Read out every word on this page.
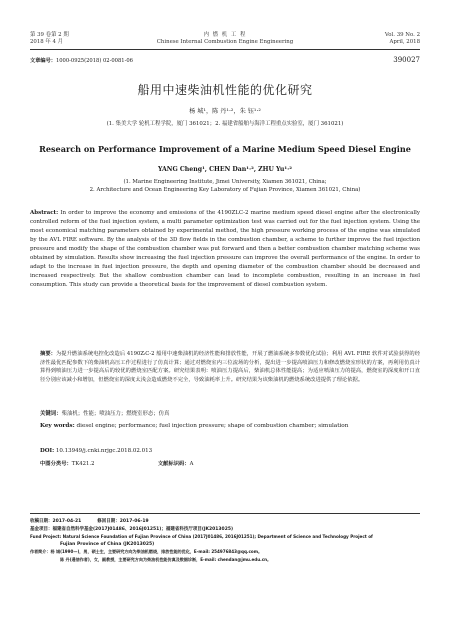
第 39 卷第 2 期
2018 年 4 月
内 燃 机 工 程
Chinese Internal Combustion Engine Engineering
Vol. 39 No. 2
April, 2018
文章编号：1000-0925(2018) 02-0081-06	390027
船用中速柴油机性能的优化研究
杨 城¹，陈 丹¹·²，朱 钰¹·²
(1. 集美大学 轮机工程学院，厦门 361021；2. 福建省船舶与海洋工程重点实验室，厦门 361021)
Research on Performance Improvement of a Marine Medium Speed Diesel Engine
YANG Cheng¹, CHEN Dan¹·², ZHU Yu¹·²
(1. Marine Engineering Institute, Jimei University, Xiamen 361021, China;
2. Architecture and Ocean Engineering Key Laboratory of Fujian Province, Xiamen 361021, China)
Abstract: In order to improve the economy and emissions of the 4190ZLC-2 marine medium speed diesel engine after the electronically controlled reform of the fuel injection system, a multi parameter optimization test was carried out for the fuel injection system. Using the most economical matching parameters obtained by experimental method, the high pressure working process of the engine was simulated by the AVL FIRE software. By the analysis of the 3D flow fields in the combustion chamber, a scheme to further improve the fuel injection pressure and modify the shape of the combustion chamber was put forward and then a better combustion chamber matching scheme was obtained by simulation. Results show increasing the fuel injection pressure can improve the overall performance of the engine. In order to adapt to the increase in fuel injection pressure, the depth and opening diameter of the combustion chamber should be decreased and increased respectively. But the shallow combustion chamber can lead to incomplete combustion, resulting in an increase in fuel consumption. This study can provide a theoretical basis for the improvement of diesel combustion system.
摘要：为提升燃油系统电控化改造后 4190ZₗC-2 船用中速柴油机的经济性能和排放性能，开展了燃油系统多参数优化试验；利用 AVL FIRE 软件对试验获得的经济性最优匹配参数下的柴油机高压工作过程进行了仿真计算；通过对燃烧室内三位流场的分析，提出进一步提高喷油压力和修改燃烧室形状的方案，再利用仿真计算得到喷油压力进一步提高后的较优的燃烧室匹配方案。研究结果表明：喷油压力提高后，柴油机总体性能提高；为适应喷油压力的提高，燃烧室的深度和开口直径分别应该减小和增加，但燃烧室的深度太浅会造成燃烧不完全，导致油耗率上升。研究结果为该柴油机的燃烧系统改进提供了理论依据。
关键词：柴油机；性能；喷油压力；燃烧室形态；仿真
Key words: diesel engine; performance; fuel injection pressure; shape of combustion chamber; simulation
DOI: 10.13949/j.cnki.nrjgc.2018.02.013
中图分类号：TK421.2	文献标识码：A
收稿日期：2017-04-21	修回日期：2017-06-19
基金项目：福建省自然科学基金(2017J01486、2016J01251)；福建省科技厅项目(JK2013025)
Fund Project: Natural Science Foundation of Fujian Province of China (2017J01486, 2016J01251); Department of Science and Technology Project of
Fujian Province of China (JK2013025)
作者简介：杨 城(1990—)，男，硕士生，主要研究方向为柴油机燃烧，排放性能的优化，E-mail: 254976843@qq.com。
陈 丹(通信作者)，女，副教授，主要研究方向为柴油机性能仿真及数据诊断，E-mail: chendan@jmu.edu.cn。
